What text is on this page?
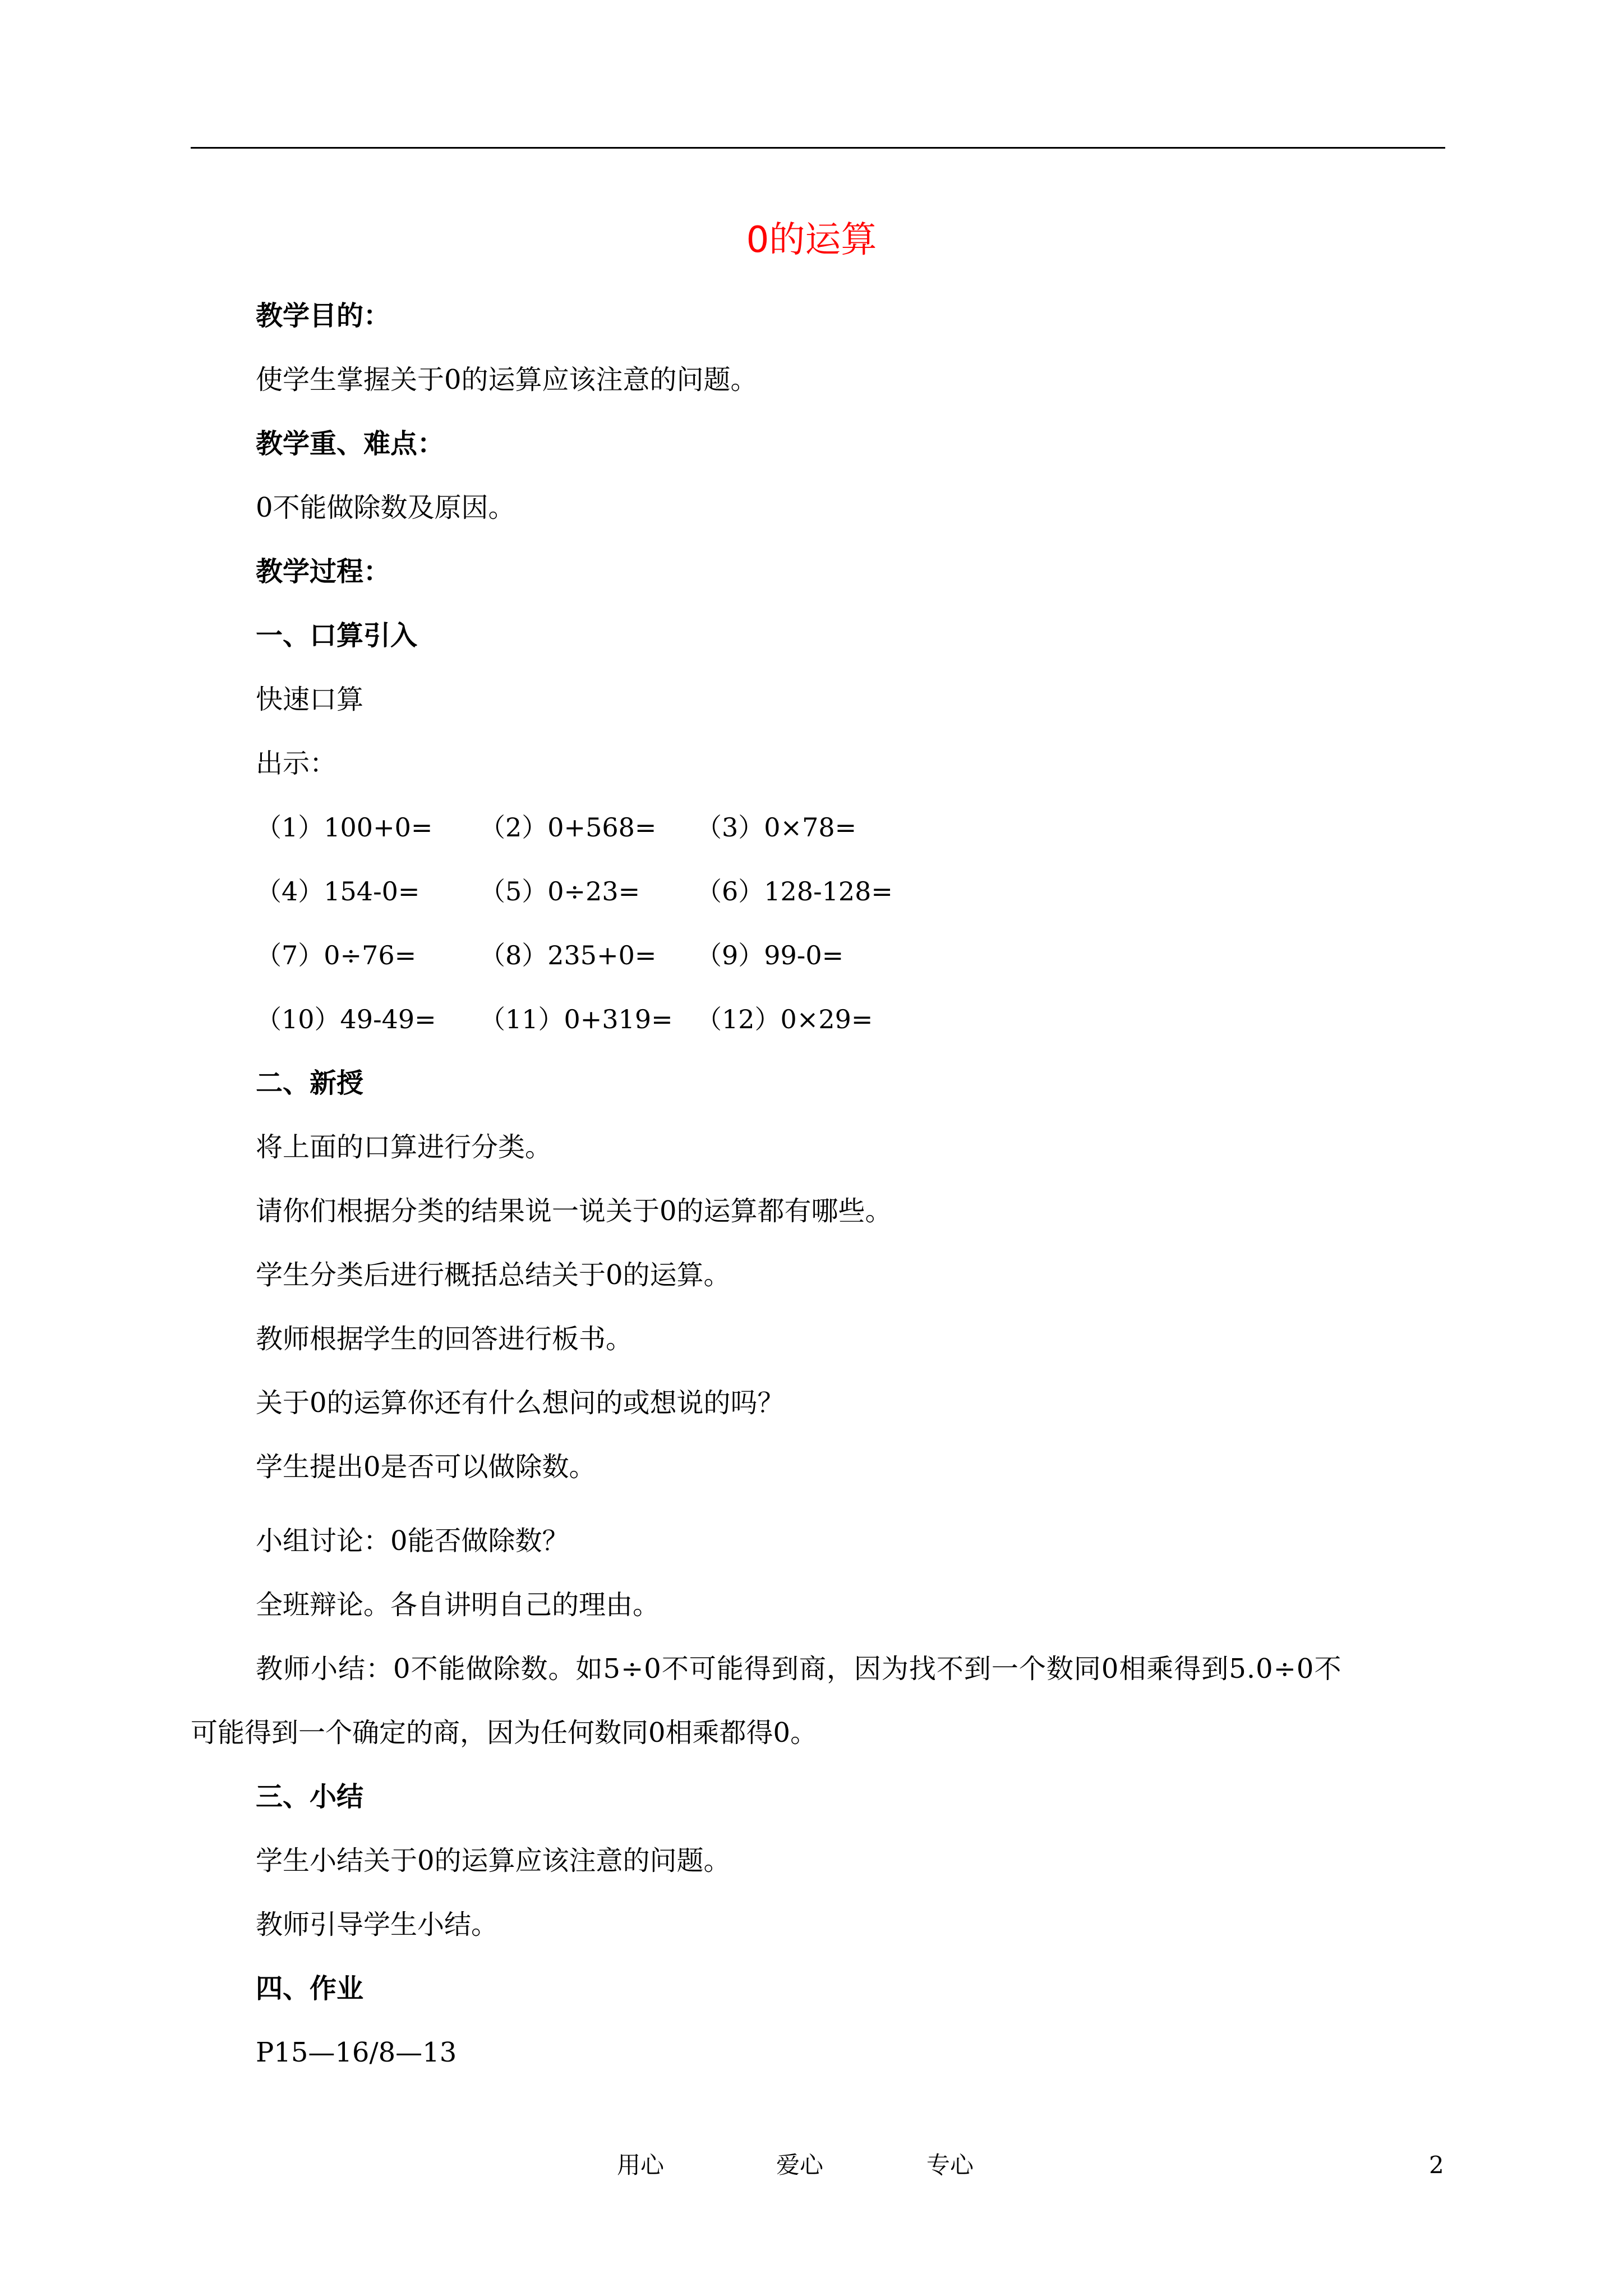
0的运算
教学目的：
使学生掌握关于0的运算应该注意的问题。
教学重、难点：
0不能做除数及原因。
教学过程：
一、口算引入
快速口算
出示：
（1）100+0= （2）0+568= （3）0×78=
（4）154-0= （5）0÷23= （6）128-128=
（7）0÷76= （8）235+0= （9）99-0=
（10）49-49= （11）0+319= （12）0×29=
二、新授
将上面的口算进行分类。
请你们根据分类的结果说一说关于0的运算都有哪些。
学生分类后进行概括总结关于0的运算。
教师根据学生的回答进行板书。
关于0的运算你还有什么想问的或想说的吗？
学生提出0是否可以做除数。
小组讨论：0能否做除数？
全班辩论。各自讲明自己的理由。
教师小结：0不能做除数。如5÷0不可能得到商，因为找不到一个数同0相乘得到5.0÷0不
可能得到一个确定的商，因为任何数同0相乘都得0。
三、小结
学生小结关于0的运算应该注意的问题。
教师引导学生小结。
四、作业
P15—16/8—13
用心	爱心	专心	2
